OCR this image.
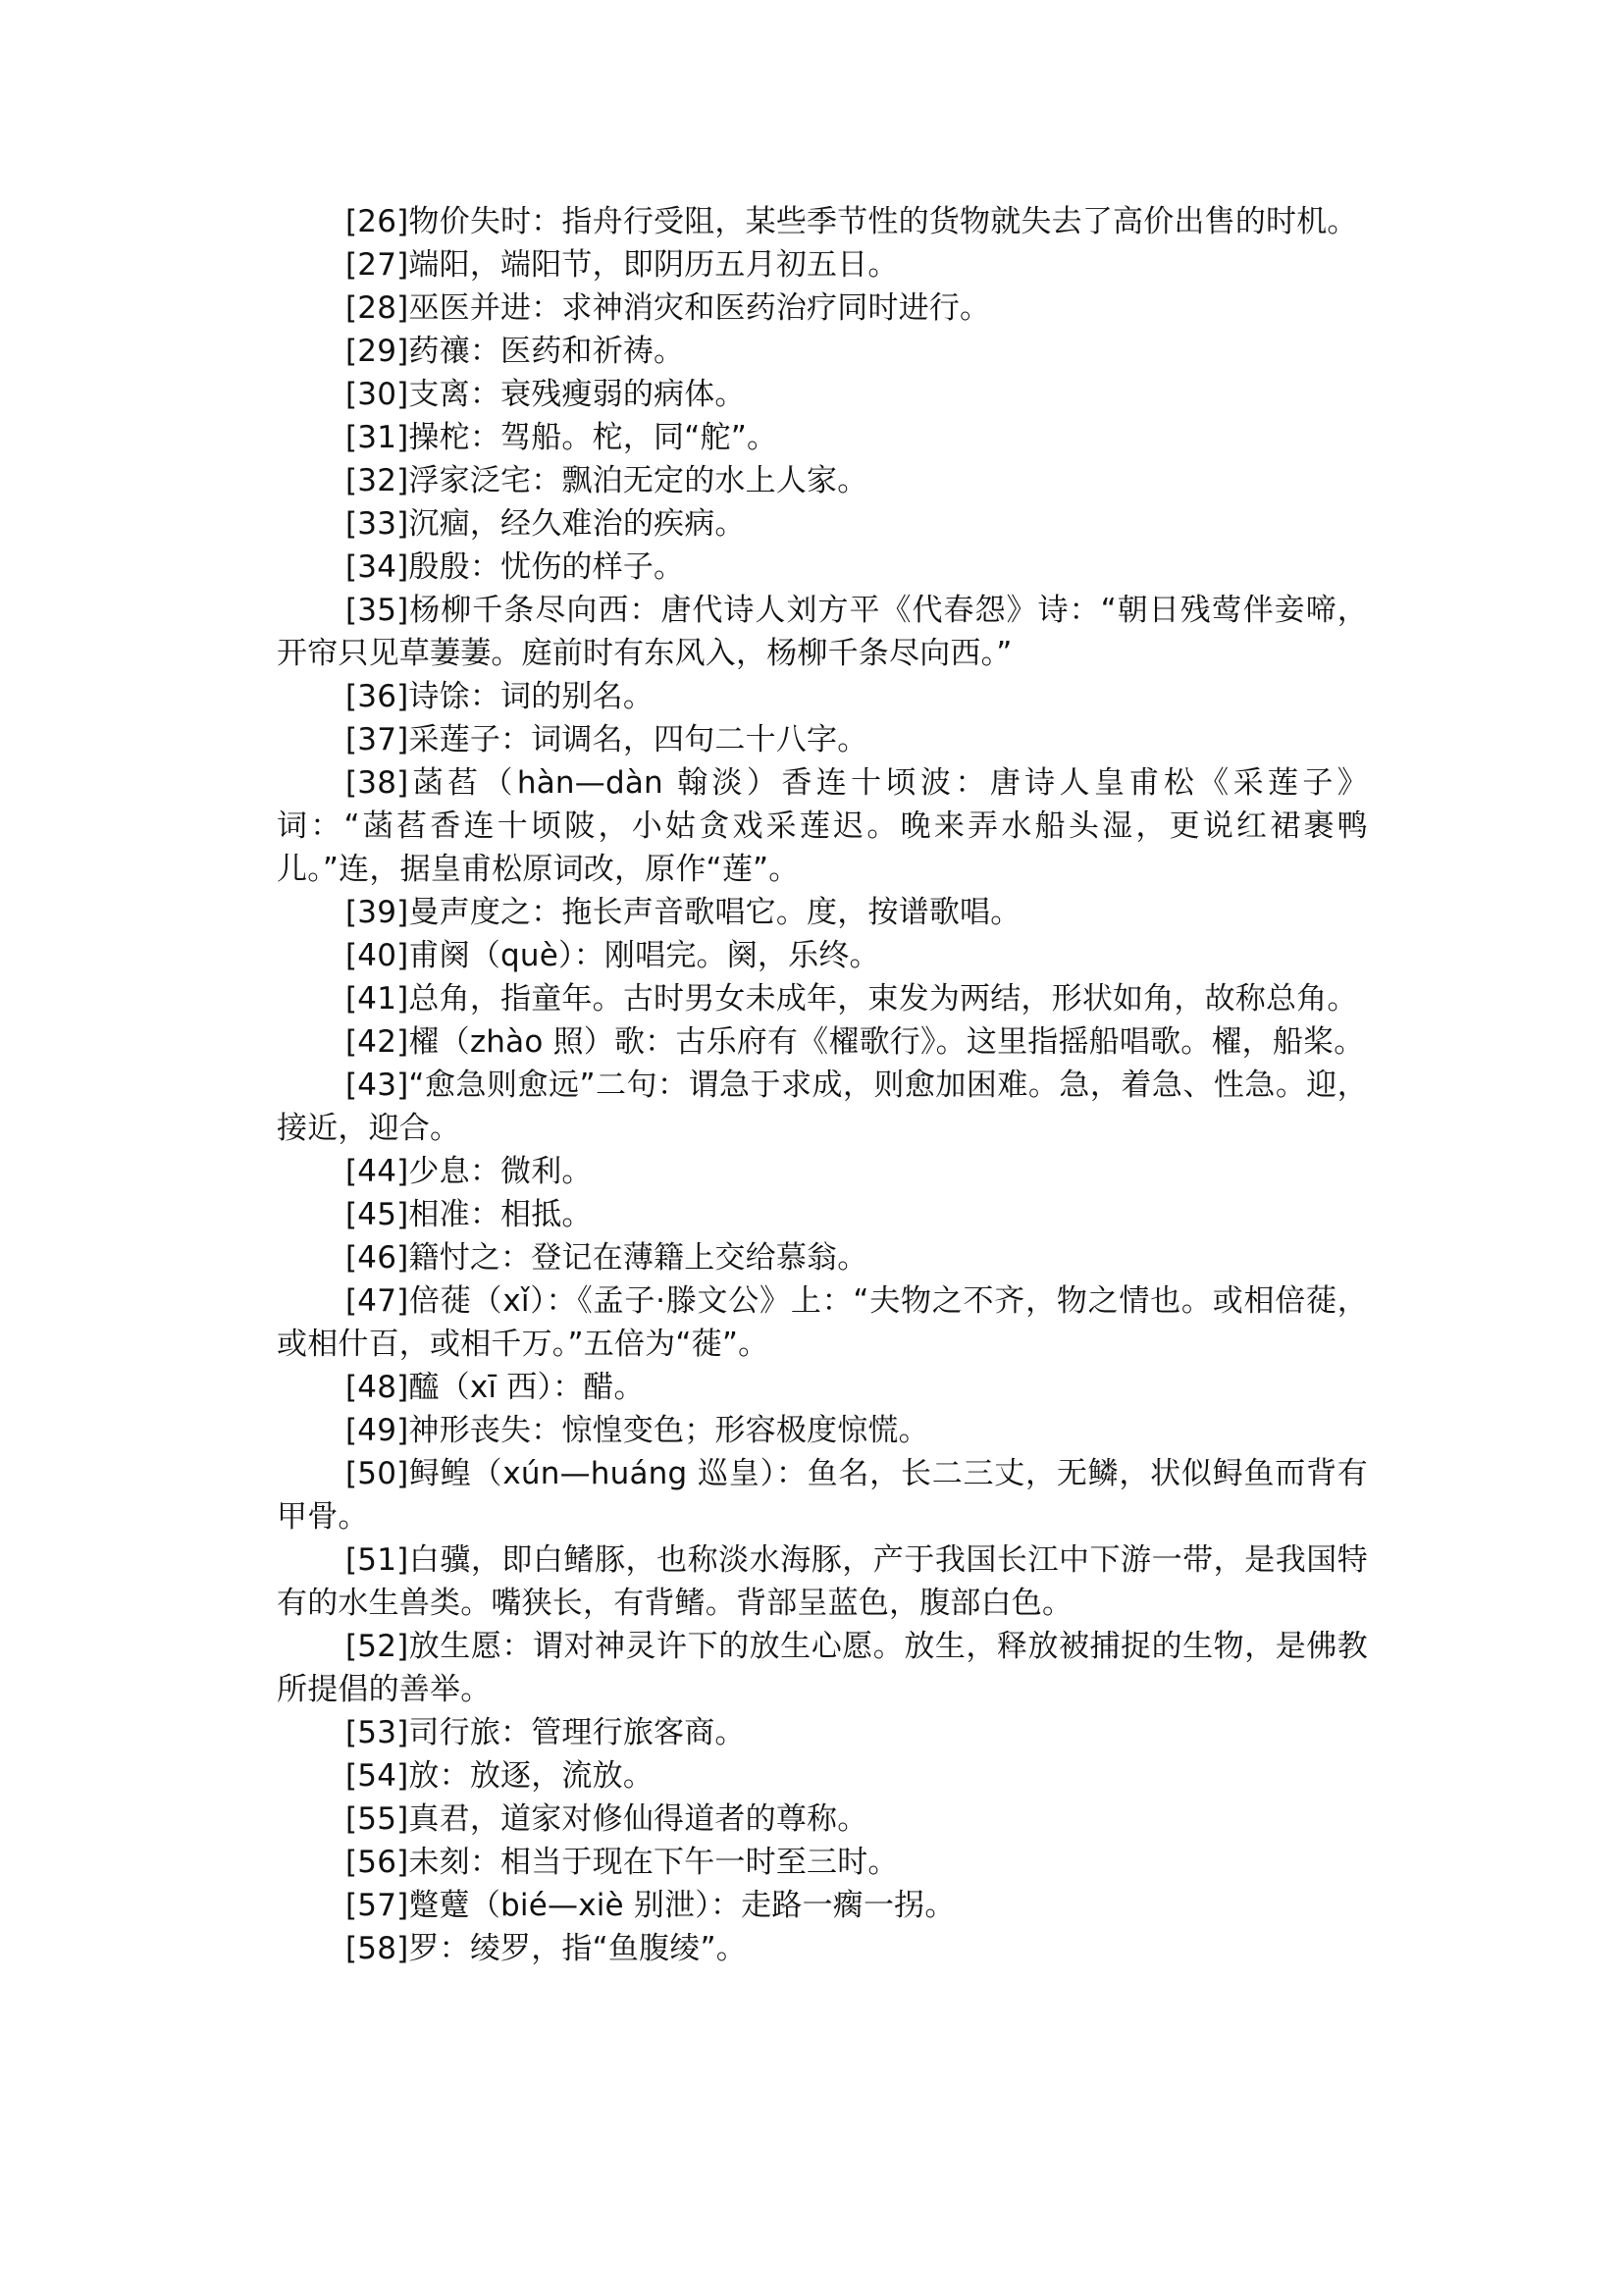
[26]物价失时：指舟行受阻，某些季节性的货物就失去了高价出售的时机。

[27]端阳，端阳节，即阴历五月初五日。

[28]巫医并进：求神消灾和医药治疗同时进行。

[29]药禳：医药和祈祷。

[30]支离：衰残瘦弱的病体。

[31]操柁：驾船。柁，同“舵”。

[32]浮家泛宅：飘泊无定的水上人家。

[33]沉痼，经久难治的疾病。

[34]殷殷：忧伤的样子。

[35]杨柳千条尽向西：唐代诗人刘方平《代春怨》诗：“朝日残莺伴妾啼，开帘只见草萋萋。庭前时有东风入，杨柳千条尽向西。”

[36]诗馀：词的别名。

[37]采莲子：词调名，四句二十八字。

[38]菡萏（hàn—dàn 翰淡）香连十顷波：唐诗人皇甫松《采莲子》词：“菡萏香连十顷陂，小姑贪戏采莲迟。晚来弄水船头湿，更说红裙裹鸭儿。”连，据皇甫松原词改，原作“莲”。

[39]曼声度之：拖长声音歌唱它。度，按谱歌唱。

[40]甫阕（què）：刚唱完。阕，乐终。

[41]总角，指童年。古时男女未成年，束发为两结，形状如角，故称总角。

[42]櫂（zhào 照）歌：古乐府有《櫂歌行》。这里指摇船唱歌。櫂，船桨。

[43]“愈急则愈远”二句：谓急于求成，则愈加困难。急，着急、性急。迎，接近，迎合。

[44]少息：微利。

[45]相准：相抵。

[46]籍忖之：登记在薄籍上交给慕翁。

[47]倍蓰（xǐ）：《孟子·滕文公》上：“夫物之不齐，物之情也。或相倍蓰，或相什百，或相千万。”五倍为“蓰”。

[48]醯（xī 西）：醋。

[49]神形丧失：惊惶变色；形容极度惊慌。

[50]鲟鳇（xún—huáng 巡皇）：鱼名，长二三丈，无鳞，状似鲟鱼而背有甲骨。

[51]白骥，即白鳍豚，也称淡水海豚，产于我国长江中下游一带，是我国特有的水生兽类。嘴狭长，有背鳍。背部呈蓝色，腹部白色。

[52]放生愿：谓对神灵许下的放生心愿。放生，释放被捕捉的生物，是佛教所提倡的善举。

[53]司行旅：管理行旅客商。

[54]放：放逐，流放。

[55]真君，道家对修仙得道者的尊称。

[56]未刻：相当于现在下午一时至三时。

[57]蹩躠（bié—xiè 别泄）：走路一瘸一拐。

[58]罗：绫罗，指“鱼腹绫”。
